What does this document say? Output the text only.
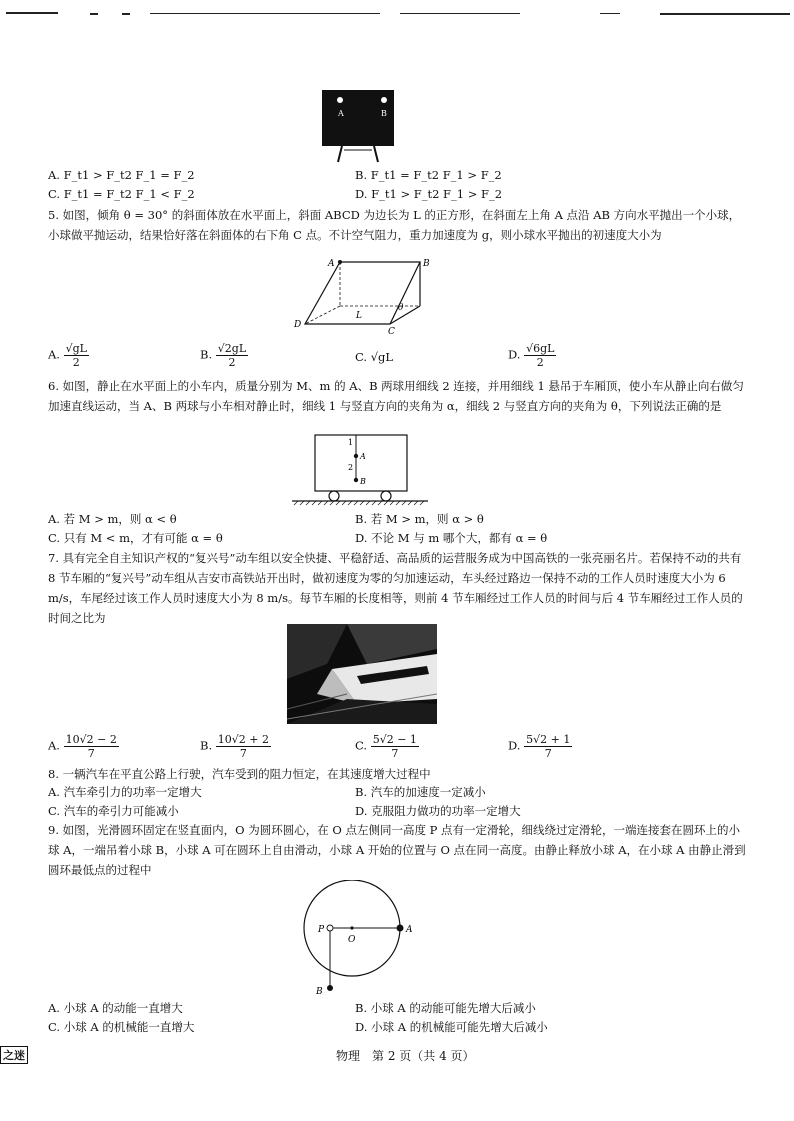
A	B
A. F_t1 > F_t2 F_1 = F_2	B. F_t1 = F_t2 F_1 > F_2
C. F_t1 = F_t2 F_1 < F_2	D. F_t1 > F_t2 F_1 > F_2
5. 如图，倾角 θ = 30° 的斜面体放在水平面上，斜面 ABCD 为边长为 L 的正方形，在斜面左上角 A 点沿 AB 方向水平抛出一个小球，小球做平抛运动，结果恰好落在斜面体的右下角 C 点。不计空气阻力，重力加速度为 g，则小球水平抛出的初速度大小为
A	B
C
D
L
θ
A. $\frac{√gL}{2}$	B. $\frac{√2gL}{2}$	C. √gL	D. $\frac{√6gL}{2}$
6. 如图，静止在水平面上的小车内，质量分别为 M、m 的 A、B 两球用细线 2 连接，并用细线 1 悬吊于车厢顶，使小车从静止向右做匀加速直线运动，当 A、B 两球与小车相对静止时，细线 1 与竖直方向的夹角为 α，细线 2 与竖直方向的夹角为 θ，下列说法正确的是
1
2
A
B
A. 若 M > m，则 α < θ	B. 若 M > m，则 α > θ
C. 只有 M < m，才有可能 α = θ	D. 不论 M 与 m 哪个大，都有 α = θ
7. 具有完全自主知识产权的“复兴号”动车组以安全快捷、平稳舒适、高品质的运营服务成为中国高铁的一张亮丽名片。若保持不动的共有 8 节车厢的“复兴号”动车组从吉安市高铁站开出时，做初速度为零的匀加速运动，车头经过路边一保持不动的工作人员时速度大小为 6 m/s，车尾经过该工作人员时速度大小为 8 m/s。每节车厢的长度相等，则前 4 节车厢经过工作人员的时间与后 4 节车厢经过工作人员的时间之比为
A. $\frac{10√2 - 2}{7}$	B. $\frac{10√2 + 2}{7}$	C. $\frac{5√2 - 1}{7}$	D. $\frac{5√2 + 1}{7}$
8. 一辆汽车在平直公路上行驶，汽车受到的阻力恒定，在其速度增大过程中
A. 汽车牵引力的功率一定增大	B. 汽车的加速度一定减小
C. 汽车的牵引力可能减小	D. 克服阻力做功的功率一定增大
9. 如图，光滑圆环固定在竖直面内，O 为圆环圆心，在 O 点左侧同一高度 P 点有一定滑轮，细线绕过定滑轮，一端连接套在圆环上的小球 A，一端吊着小球 B，小球 A 可在圆环上自由滑动，小球 A 开始的位置与 O 点在同一高度。由静止释放小球 A，在小球 A 由静止滑到圆环最低点的过程中
P
O
A
B
A. 小球 A 的动能一直增大	B. 小球 A 的动能可能先增大后减小
C. 小球 A 的机械能一直增大	D. 小球 A 的机械能可能先增大后减小
之迷	物理　第 2 页（共 4 页）
